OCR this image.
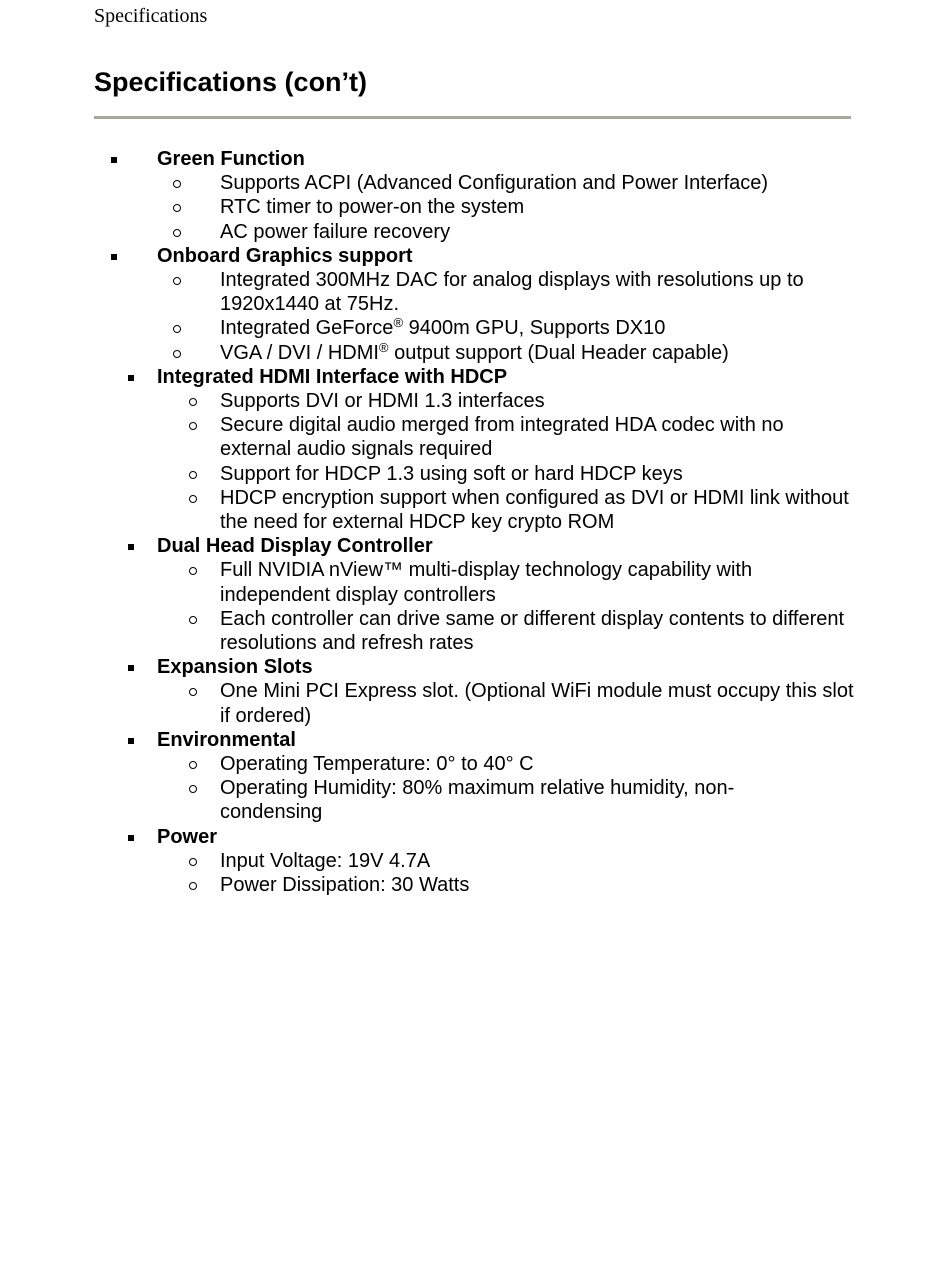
Specifications
Specifications (con’t)
Green Function
Supports ACPI (Advanced Configuration and Power Interface)
RTC timer to power-on the system
AC power failure recovery
Onboard Graphics support
Integrated 300MHz DAC for analog displays with resolutions up to 1920x1440 at 75Hz.
Integrated GeForce® 9400m GPU, Supports DX10
VGA / DVI / HDMI® output support (Dual Header capable)
Integrated HDMI Interface with HDCP
Supports DVI or HDMI 1.3 interfaces
Secure digital audio merged from integrated HDA codec with no external audio signals required
Support for HDCP 1.3 using soft or hard HDCP keys
HDCP encryption support when configured as DVI or HDMI link without the need for external HDCP key crypto ROM
Dual Head Display Controller
Full NVIDIA nView™ multi-display technology capability with independent display controllers
Each controller can drive same or different display contents to different resolutions and refresh rates
Expansion Slots
One Mini PCI Express slot. (Optional WiFi module must occupy this slot if ordered)
Environmental
Operating Temperature: 0° to 40° C
Operating Humidity: 80% maximum relative humidity, non-condensing
Power
Input Voltage: 19V 4.7A
Power Dissipation: 30 Watts
